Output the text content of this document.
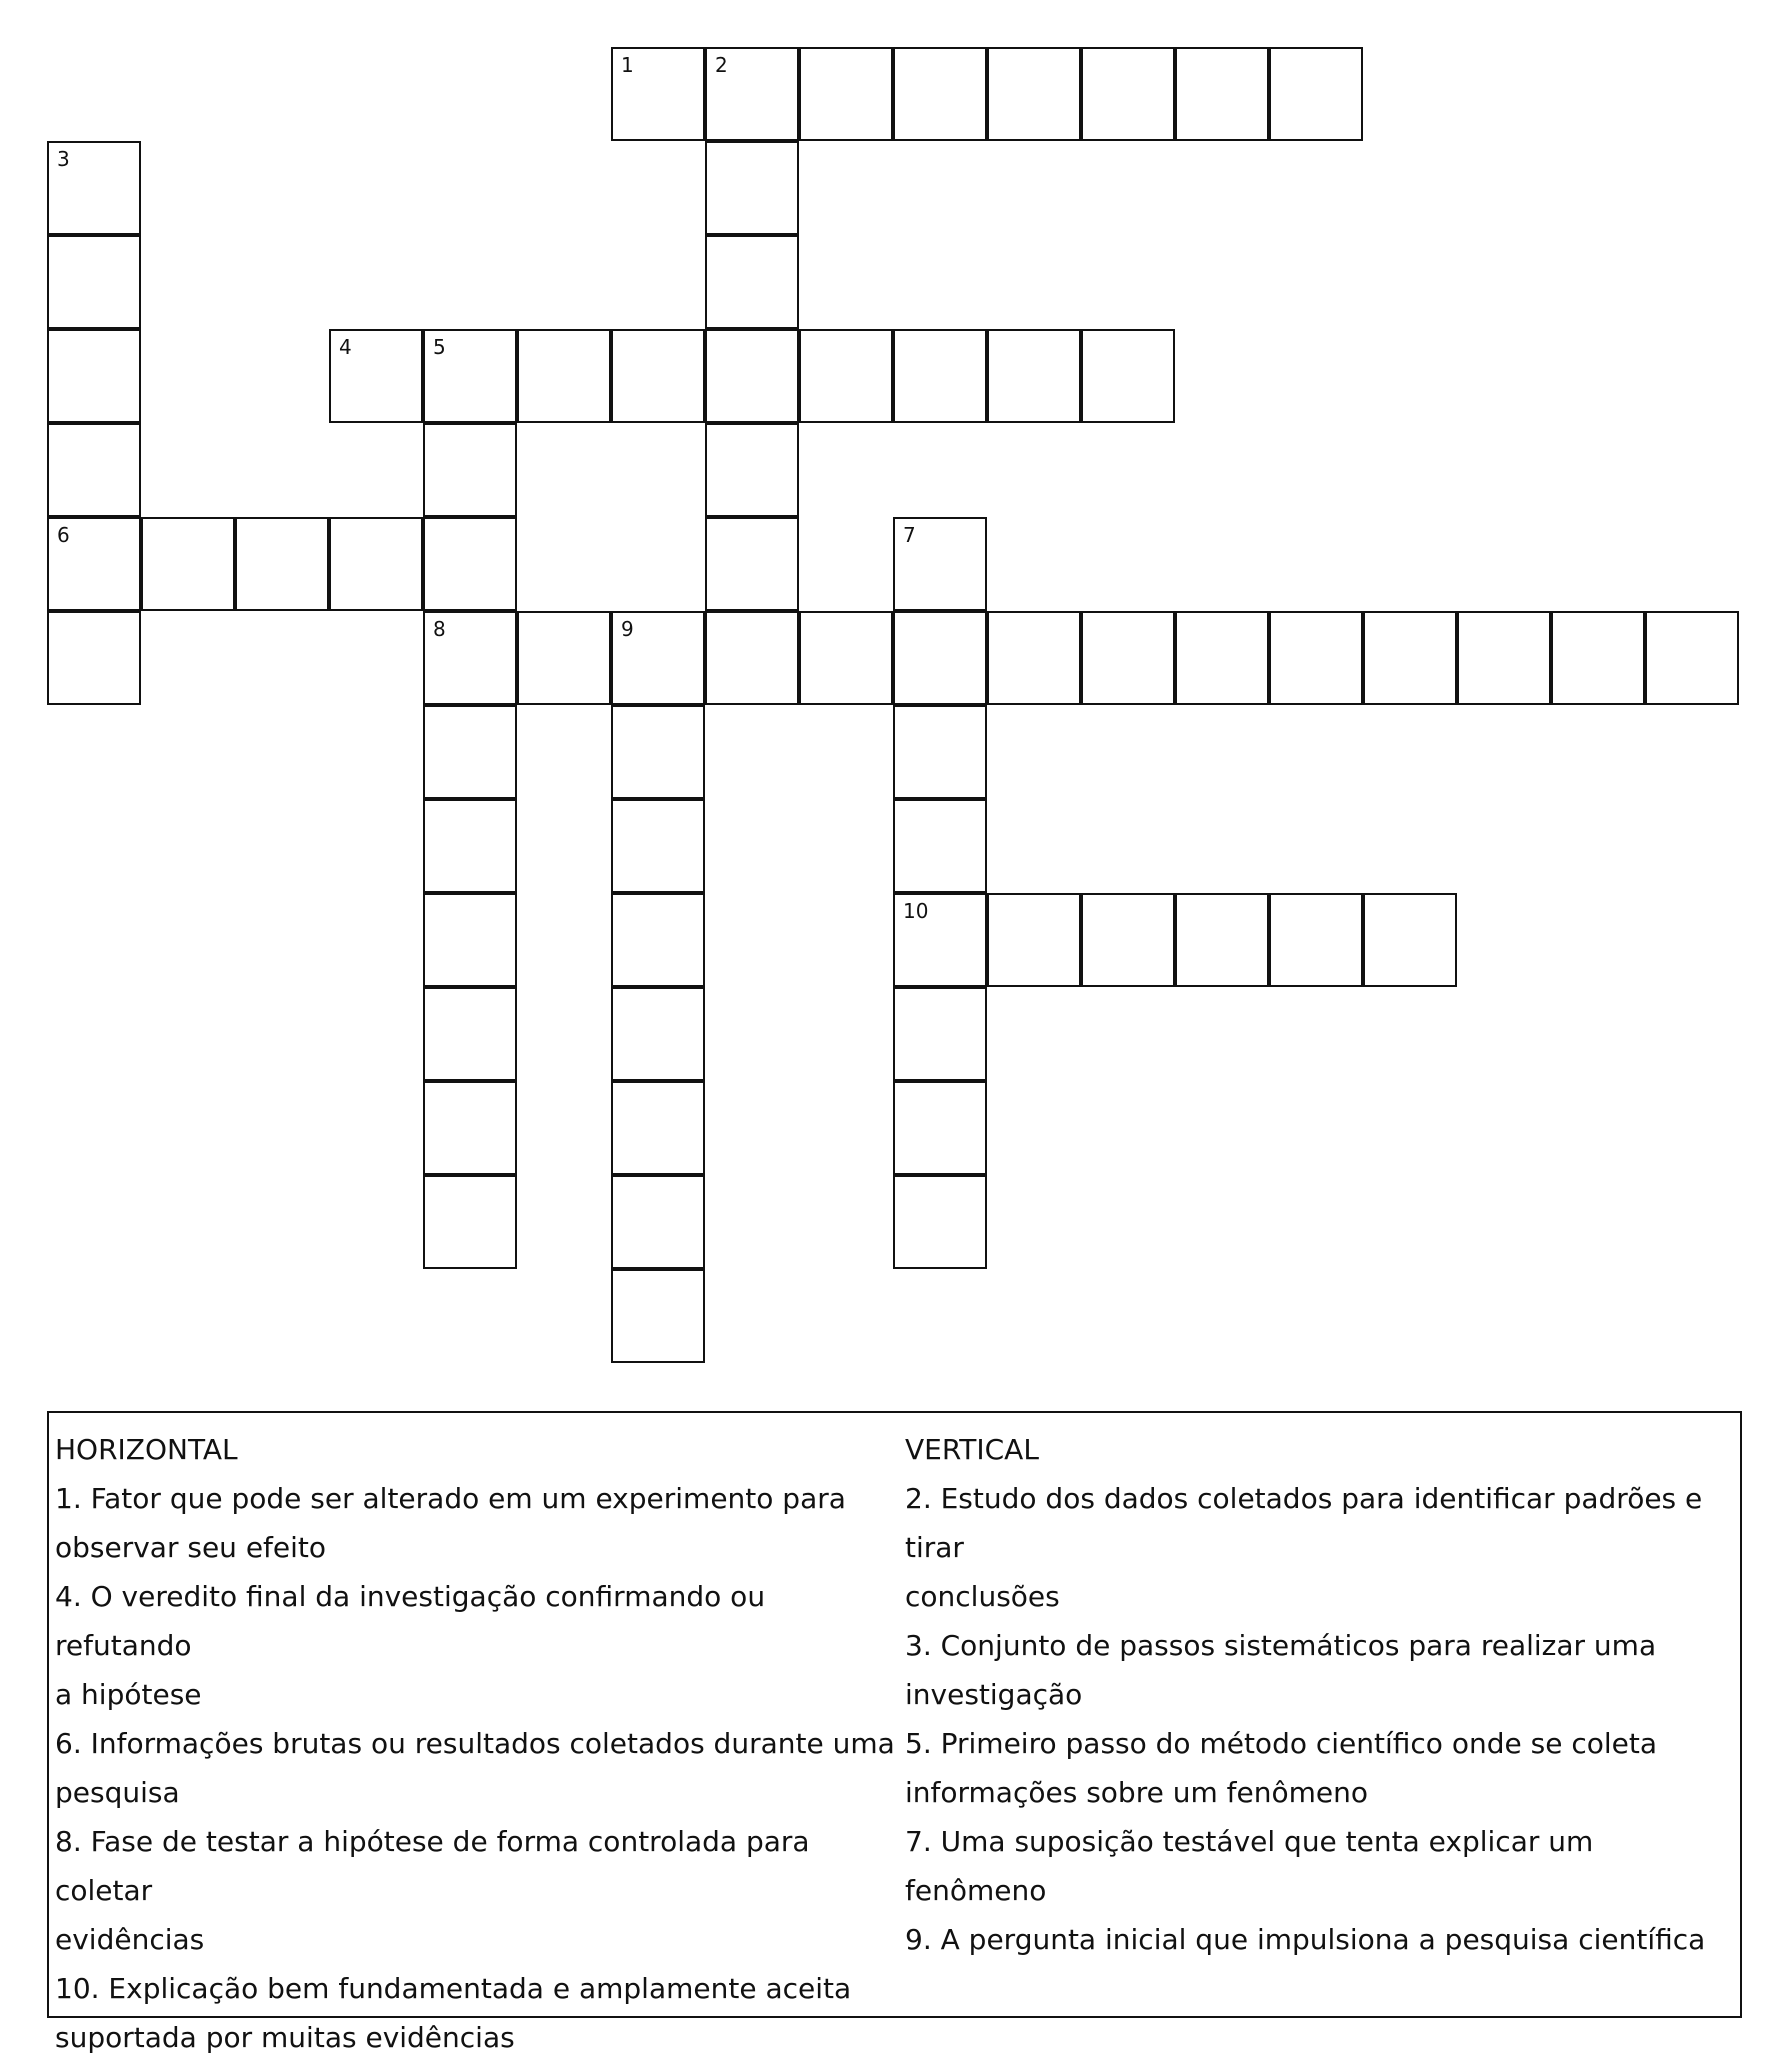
1	2
3
6
4	5
7
10
8	9
HORIZONTAL
1. Fator que pode ser alterado em um experimento para
observar seu efeito
4. O veredito final da investigação confirmando ou refutando
a hipótese
6. Informações brutas ou resultados coletados durante uma
pesquisa
8. Fase de testar a hipótese de forma controlada para coletar
evidências
10. Explicação bem fundamentada e amplamente aceita
suportada por muitas evidências
VERTICAL
2. Estudo dos dados coletados para identificar padrões e tirar
conclusões
3. Conjunto de passos sistemáticos para realizar uma
investigação
5. Primeiro passo do método científico onde se coleta
informações sobre um fenômeno
7. Uma suposição testável que tenta explicar um fenômeno
9. A pergunta inicial que impulsiona a pesquisa científica
